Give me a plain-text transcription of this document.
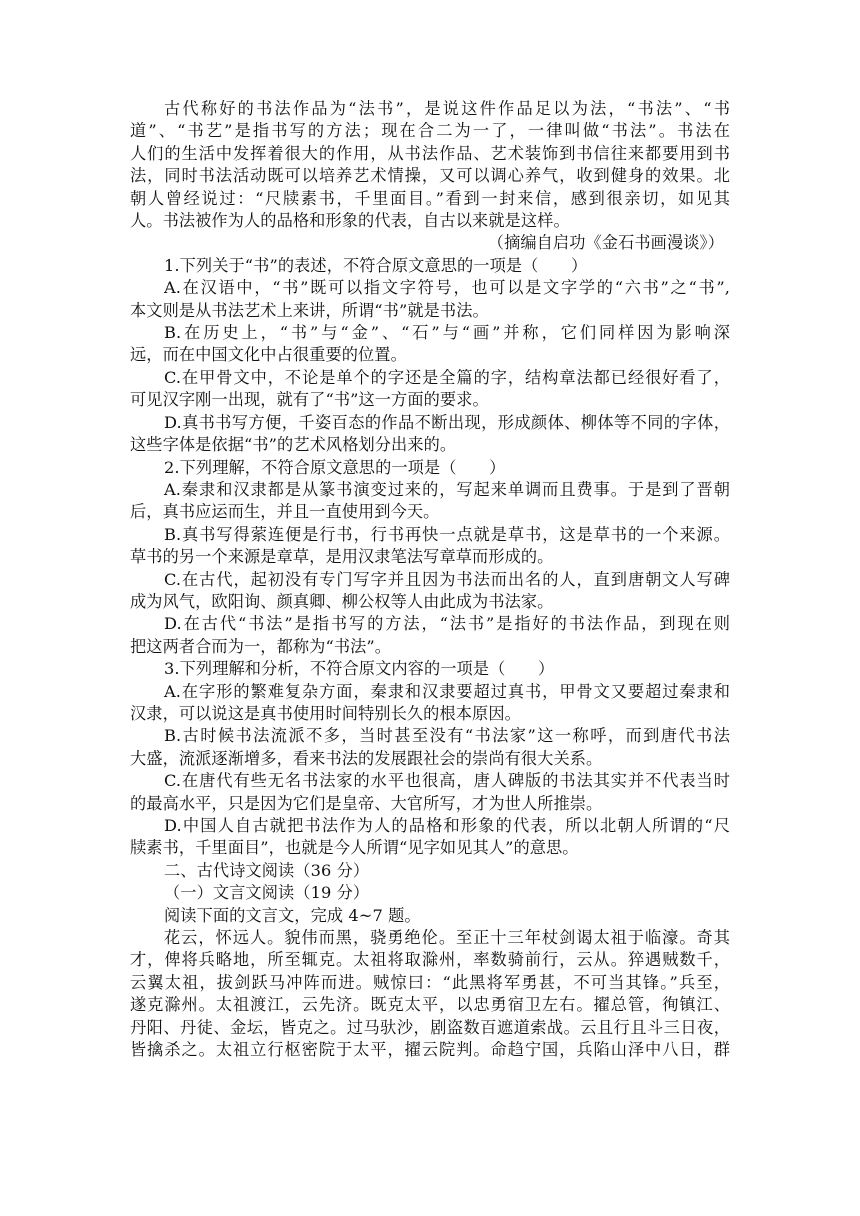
古代称好的书法作品为“法书”，是说这件作品足以为法，“书法”、“书
道”、“书艺”是指书写的方法；现在合二为一了，一律叫做“书法”。书法在
人们的生活中发挥着很大的作用，从书法作品、艺术装饰到书信往来都要用到书
法，同时书法活动既可以培养艺术情操，又可以调心养气，收到健身的效果。北
朝人曾经说过：“尺牍素书，千里面目。”看到一封来信，感到很亲切，如见其
人。书法被作为人的品格和形象的代表，自古以来就是这样。
（摘编自启功《金石书画漫谈》）
1.下列关于“书”的表述，不符合原文意思的一项是（　　）
A.在汉语中，“书”既可以指文字符号，也可以是文字学的“六书”之“书”,
本文则是从书法艺术上来讲，所谓“书”就是书法。
B.在历史上，“书”与“金”、“石”与“画”并称，它们同样因为影响深
远，而在中国文化中占很重要的位置。
C.在甲骨文中，不论是单个的字还是全篇的字，结构章法都已经很好看了，
可见汉字刚一出现，就有了“书”这一方面的要求。
D.真书书写方便，千姿百态的作品不断出现，形成颜体、柳体等不同的字体，
这些字体是依据“书”的艺术风格划分出来的。
2.下列理解，不符合原文意思的一项是（　　）
A.秦隶和汉隶都是从篆书演变过来的，写起来单调而且费事。于是到了晋朝
后，真书应运而生，并且一直使用到今天。
B.真书写得萦连便是行书，行书再快一点就是草书，这是草书的一个来源。
草书的另一个来源是章草，是用汉隶笔法写章草而形成的。
C.在古代，起初没有专门写字并且因为书法而出名的人，直到唐朝文人写碑
成为风气，欧阳询、颜真卿、柳公权等人由此成为书法家。
D.在古代“书法”是指书写的方法，“法书”是指好的书法作品，到现在则
把这两者合而为一，都称为“书法”。
3.下列理解和分析，不符合原文内容的一项是（　　）
A.在字形的繁难复杂方面，秦隶和汉隶要超过真书，甲骨文又要超过秦隶和
汉隶，可以说这是真书使用时间特别长久的根本原因。
B.古时候书法流派不多，当时甚至没有“书法家”这一称呼，而到唐代书法
大盛，流派逐渐增多，看来书法的发展跟社会的崇尚有很大关系。
C.在唐代有些无名书法家的水平也很高，唐人碑版的书法其实并不代表当时
的最高水平，只是因为它们是皇帝、大官所写，才为世人所推崇。
D.中国人自古就把书法作为人的品格和形象的代表，所以北朝人所谓的“尺
牍素书，千里面目”，也就是今人所谓“见字如见其人”的意思。
二、古代诗文阅读（36 分）
（一）文言文阅读（19 分）
阅读下面的文言文，完成 4~7 题。
花云，怀远人。貌伟而黑，骁勇绝伦。至正十三年杖剑谒太祖于临濠。奇其
才，俾将兵略地，所至辄克。太祖将取滁州，率数骑前行，云从。猝遇贼数千，
云翼太祖，拔剑跃马冲阵而进。贼惊曰：“此黑将军勇甚，不可当其锋。”兵至，
遂克滁州。太祖渡江，云先济。既克太平，以忠勇宿卫左右。擢总管，徇镇江、
丹阳、丹徒、金坛，皆克之。过马驮沙，剧盗数百遮道索战。云且行且斗三日夜，
皆擒杀之。太祖立行枢密院于太平，擢云院判。命趋宁国，兵陷山泽中八日，群
